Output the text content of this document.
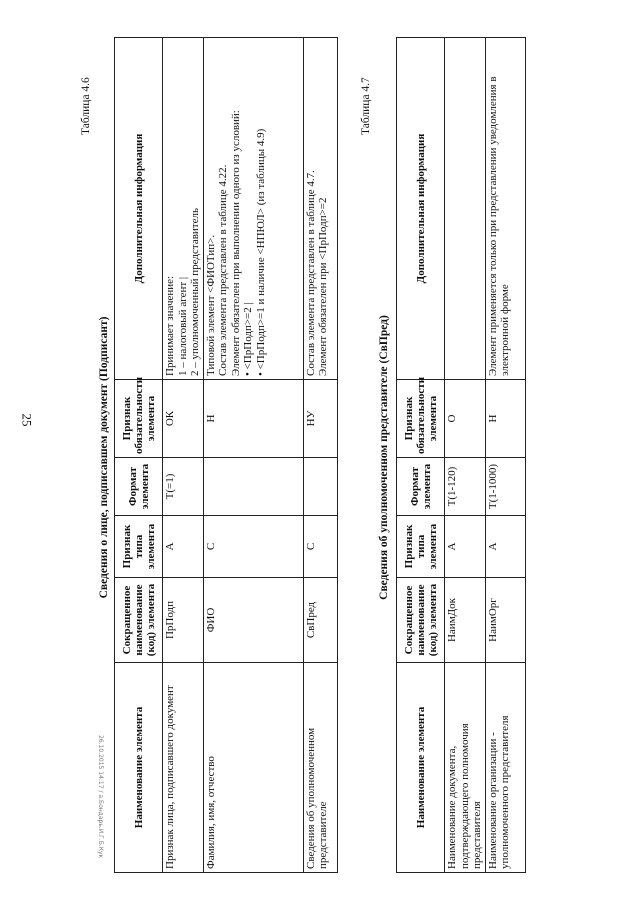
25
26.10.2015 14:17 / а.Бондарь.И.Г.Б.Кук
Таблица 4.6
Сведения о лице, подписавшем документ (Подписант)
Наименование элемента	Сокращенное наименование (код) элемента	Признак типа элемента	Формат элемента	Признак обязательности элемента	Дополнительная информация
Признак лица, подписавшего документ	ПрПодп	А	Т(=1)	ОК	Принимает значение: 1 – налоговый агент | 2 – уполномоченный представитель

Фамилия, имя, отчество	ФИО	С		Н	Типовой элемент <ФИОТип>. Состав элемента представлен в таблице 4.22. Элемент обязателен при выполнении одного из условий: • <ПрПодп>=2 | • <ПрПодп>=1 и наличие <НПЮЛ> (из таблицы 4.9)

Сведения об уполномоченном представителе	СвПред	С		НУ	Состав элемента представлен в таблице 4.7. Элемент обязателен при <ПрПодп>=2
Таблица 4.7
Сведения об уполномоченном представителе (СвПред)
Наименование элемента	Сокращенное наименование (код) элемента	Признак типа элемента	Формат элемента	Признак обязательности элемента	Дополнительная информация
Наименование документа, подтверждающего полномочия представителя	НаимДок	А	Т(1-120)	О	
Наименование организации - уполномоченного представителя	НаимОрг	А	Т(1-1000)	Н	Элемент применяется только при представлении уведомления в электронной форме
